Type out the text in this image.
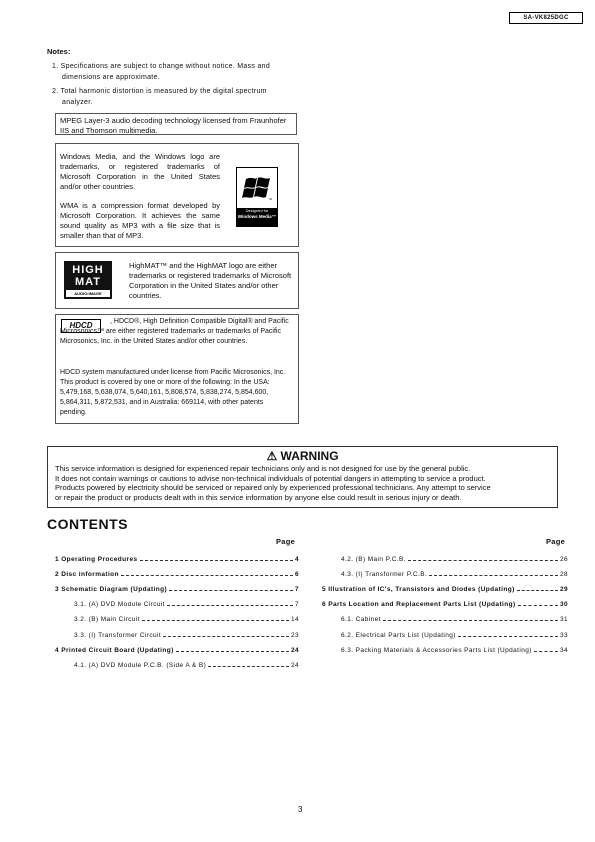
SA-VK825DGC
Notes:
1. Specifications are subject to change without notice. Mass and
dimensions are approximate.
2. Total harmonic distortion is measured by the digital spectrum
analyzer.
MPEG Layer-3 audio decoding technology licensed from Fraunhofer IIS and Thomson multimedia.

Windows Media, and the Windows logo are trademarks, or registered trademarks of Microsoft Corporation in the United States and/or other countries.

WMA is a compression format developed by Microsoft Corporation. It achieves the same sound quality as MP3 with a file size that is smaller than that of MP3.

™
Designed for
Windows Media™
HIGH
MAT
AUDIO•IMAGE
HighMAT™ and the HighMAT logo are either trademarks or registered trademarks of Microsoft Corporation in the United States and/or other countries.
HDCD	, HDCD®, High Definition Compatible Digital® and Pacific Microsonics™ are either registered trademarks or trademarks of Pacific Microsonics, Inc. in the United States and/or other countries.

HDCD system manufactured under license from Pacific Microsonics, Inc. This product is covered by one or more of the following: In the USA: 5,479,168, 5,638,074, 5,640,161, 5,808,574, 5,838,274, 5,854,600, 5,864,311, 5,872,531, and in Australia: 669114, with other patents pending.

⚠ WARNING
This service information is designed for experienced repair technicians only and is not designed for use by the general public.
It does not contain warnings or cautions to advise non-technical individuals of potential dangers in attempting to service a product.
Products powered by electricity should be serviced or repaired only by experienced professional technicians. Any attempt to service
or repair the product or products dealt with in this service information by anyone else could result in serious injury or death.
CONTENTS
Page	Page
1 Operating Procedures	4
2 Disc information	6
3 Schematic Diagram (Updating)	7
3.1. (A) DVD Module Circuit	7
3.2. (B) Main Circuit	14
3.3. (I) Transformer Circuit	23
4 Printed Circuit Board (Updating)	24
4.1. (A) DVD Module P.C.B. (Side A & B)	24
4.2. (B) Main P.C.B.	26
4.3. (I) Transformer P.C.B.	28
5 Illustration of IC's, Transistors and Diodes (Updating)	29
6 Parts Location and Replacement Parts List (Updating)	30
6.1. Cabinet	31
6.2. Electrical Parts List (Updating)	33
6.3. Packing Materials & Accessories Parts List (Updating)	34
3
